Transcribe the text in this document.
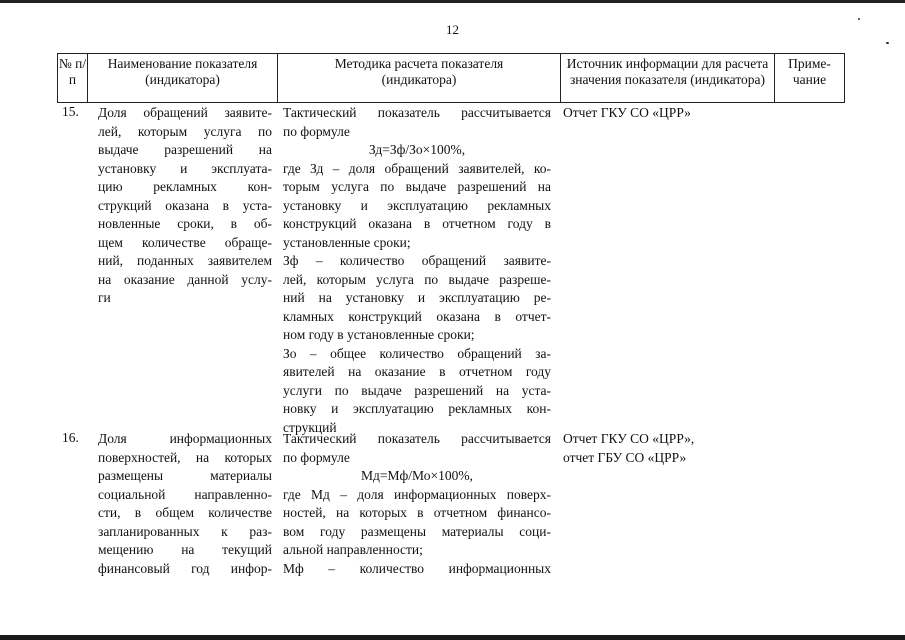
12
№ п/п
Наименование показателя (индикатора)
Методика расчета показателя (индикатора)
Источник информации для расчета значения показателя (индикатора)
Приме-чание
15.	Доля обращений заявите-
лей, которым услуга по
выдаче разрешений на
установку и эксплуата-
цию рекламных кон-
струкций оказана в уста-
новленные сроки, в об-
щем количестве обраще-
ний, поданных заявителем
на оказание данной услу-
ги
Тактический показатель рассчитывается
по формуле
Зд=Зф/Зо×100%,
где Зд – доля обращений заявителей, ко-
торым услуга по выдаче разрешений на
установку и эксплуатацию рекламных
конструкций оказана в отчетном году в
установленные сроки;
Зф – количество обращений заявите-
лей, которым услуга по выдаче разреше-
ний на установку и эксплуатацию ре-
кламных конструкций оказана в отчет-
ном году в установленные сроки;
Зо – общее количество обращений за-
явителей на оказание в отчетном году
услуги по выдаче разрешений на уста-
новку и эксплуатацию рекламных кон-
струкций
Отчет ГКУ СО «ЦРР»
16.	Доля информационных
поверхностей, на которых
размещены материалы
социальной направленно-
сти, в общем количестве
запланированных к раз-
мещению на текущий
финансовый год инфор-
Тактический показатель рассчитывается
по формуле
Мд=Мф/Мо×100%,
где Мд – доля информационных поверх-
ностей, на которых в отчетном финансо-
вом году размещены материалы соци-
альной направленности;
Мф – количество информационных
Отчет ГКУ СО «ЦРР»,
отчет ГБУ СО «ЦРР»
